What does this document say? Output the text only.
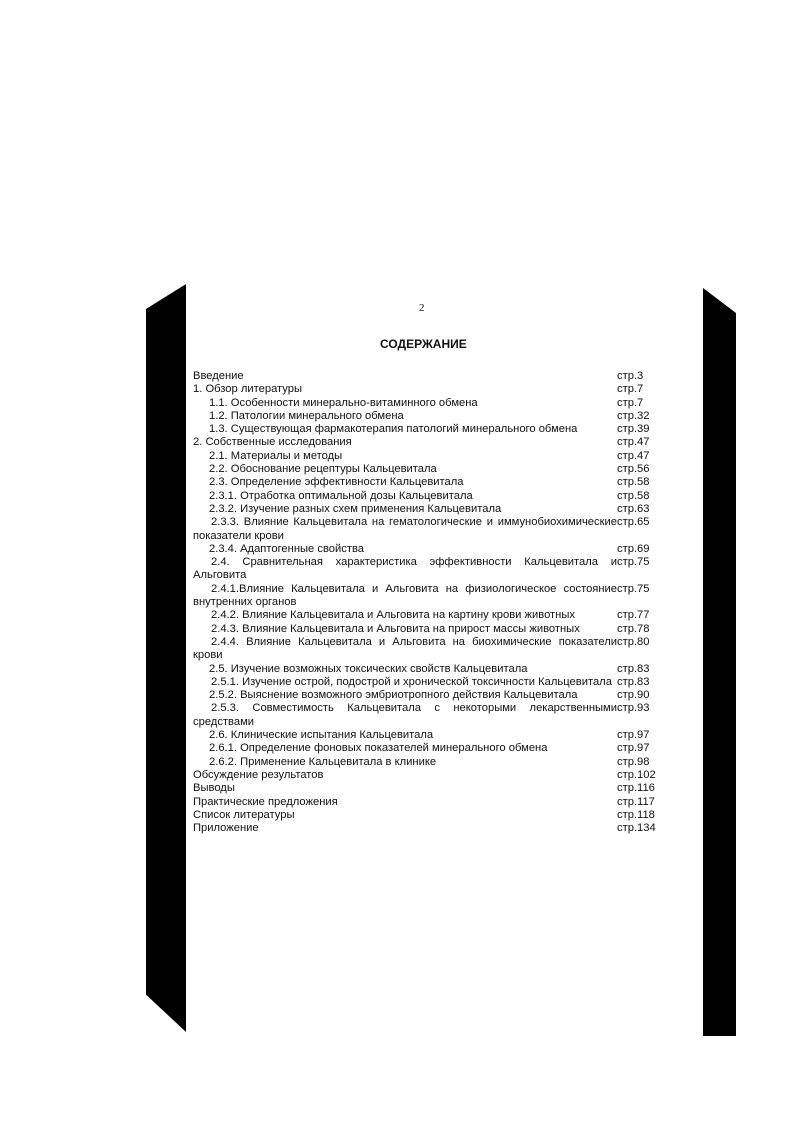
2
СОДЕРЖАНИЕ
Введение	стр.3
1. Обзор литературы	стр.7
1.1. Особенности минерально-витаминного обмена	стр.7
1.2. Патологии минерального обмена	стр.32
1.3. Существующая фармакотерапия патологий минерального обмена	стр.39
2. Собственные исследования	стр.47
2.1. Материалы и методы	стр.47
2.2. Обоснование рецептуры Кальцевитала	стр.56
2.3. Определение эффективности Кальцевитала	стр.58
2.3.1. Отработка оптимальной дозы Кальцевитала	стр.58
2.3.2. Изучение разных схем применения Кальцевитала	стр.63
2.3.3. Влияние Кальцевитала на гематологические и иммунобиохимические показатели крови
стр.65
2.3.4. Адаптогенные свойства	стр.69
2.4. Сравнительная характеристика эффективности Кальцевитала и Альговита
стр.75
2.4.1.Влияние Кальцевитала и Альговита на физиологическое состояние внутренних органов
стр.75
2.4.2. Влияние Кальцевитала и Альговита на картину крови животных	стр.77
2.4.3. Влияние Кальцевитала и Альговита на прирост массы животных	стр.78
2.4.4. Влияние Кальцевитала и Альговита на биохимические показатели крови
стр.80
2.5. Изучение возможных токсических свойств Кальцевитала	стр.83
2.5.1. Изучение острой, подострой и хронической токсичности Кальцевитала стр.83
2.5.2. Выяснение возможного эмбриотропного действия Кальцевитала	стр.90
2.5.3. Совместимость Кальцевитала с некоторыми лекарственными средствами
стр.93
2.6. Клинические испытания Кальцевитала	стр.97
2.6.1. Определение фоновых показателей минерального обмена	стр.97
2.6.2. Применение Кальцевитала в клинике	стр.98
Обсуждение результатов	стр.102
Выводы	стр.116
Практические предложения	стр.117
Список литературы	стр.118
Приложение	стр.134
